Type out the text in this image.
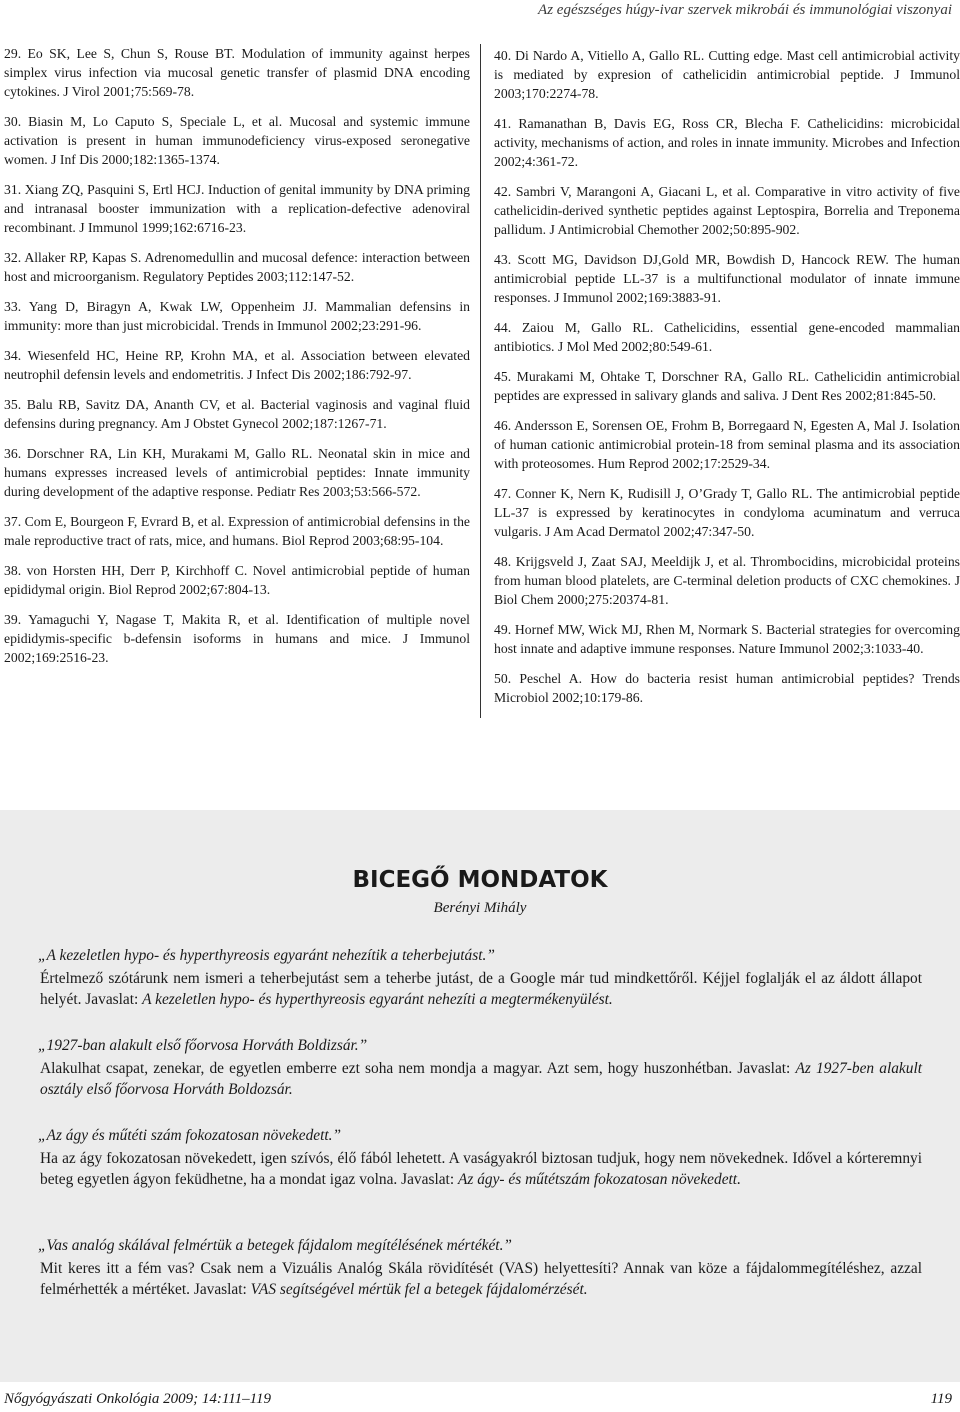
Az egészséges húgy-ivar szervek mikrobái és immunológiai viszonyai

29. Eo SK, Lee S, Chun S, Rouse BT. Modulation of immunity against herpes simplex virus infection via mucosal genetic transfer of plasmid DNA encoding cytokines. J Virol 2001;75:569-78.

30. Biasin M, Lo Caputo S, Speciale L, et al. Mucosal and systemic immune activation is present in human immunodeficiency virus-exposed seronegative women. J Inf Dis 2000;182:1365-1374.

31. Xiang ZQ, Pasquini S, Ertl HCJ. Induction of genital immunity by DNA priming and intranasal booster immunization with a replication-defective adenoviral recombinant. J Immunol 1999;162:6716-23.

32. Allaker RP, Kapas S. Adrenomedullin and mucosal defence: interaction between host and microorganism. Regulatory Peptides 2003;112:147-52.

33. Yang D, Biragyn A, Kwak LW, Oppenheim JJ. Mammalian defensins in immunity: more than just microbicidal. Trends in Immunol 2002;23:291-96.

34. Wiesenfeld HC, Heine RP, Krohn MA, et al. Association between elevated neutrophil defensin levels and endometritis. J Infect Dis 2002;186:792-97.

35. Balu RB, Savitz DA, Ananth CV, et al. Bacterial vaginosis and vaginal fluid defensins during pregnancy. Am J Obstet Gynecol 2002;187:1267-71.

36. Dorschner RA, Lin KH, Murakami M, Gallo RL. Neonatal skin in mice and humans expresses increased levels of antimicrobial peptides: Innate immunity during development of the adaptive response. Pediatr Res 2003;53:566-572.

37. Com E, Bourgeon F, Evrard B, et al. Expression of antimicrobial defensins in the male reproductive tract of rats, mice, and humans. Biol Reprod 2003;68:95-104.

38. von Horsten HH, Derr P, Kirchhoff C. Novel antimicrobial peptide of human epididymal origin. Biol Reprod 2002;67:804-13.

39. Yamaguchi Y, Nagase T, Makita R, et al. Identification of multiple novel epididymis-specific b-defensin isoforms in humans and mice. J Immunol 2002;169:2516-23.

40. Di Nardo A, Vitiello A, Gallo RL. Cutting edge. Mast cell antimicrobial activity is mediated by expresion of cathelicidin antimicrobial peptide. J Immunol 2003;170:2274-78.

41. Ramanathan B, Davis EG, Ross CR, Blecha F. Cathelicidins: microbicidal activity, mechanisms of action, and roles in innate immunity. Microbes and Infection 2002;4:361-72.

42. Sambri V, Marangoni A, Giacani L, et al. Comparative in vitro activity of five cathelicidin-derived synthetic peptides against Leptospira, Borrelia and Treponema pallidum. J Antimicrobial Chemother 2002;50:895-902.

43. Scott MG, Davidson DJ,Gold MR, Bowdish D, Hancock REW. The human antimicrobial peptide LL-37 is a multifunctional modulator of innate immune responses. J Immunol 2002;169:3883-91.

44. Zaiou M, Gallo RL. Cathelicidins, essential gene-encoded mammalian antibiotics. J Mol Med 2002;80:549-61.

45. Murakami M, Ohtake T, Dorschner RA, Gallo RL. Cathelicidin antimicrobial peptides are expressed in salivary glands and saliva. J Dent Res 2002;81:845-50.

46. Andersson E, Sorensen OE, Frohm B, Borregaard N, Egesten A, Mal J. Isolation of human cationic antimicrobial protein-18 from seminal plasma and its association with proteosomes. Hum Reprod 2002;17:2529-34.

47. Conner K, Nern K, Rudisill J, O’Grady T, Gallo RL. The antimicrobial peptide LL-37 is expressed by keratinocytes in condyloma acuminatum and verruca vulgaris. J Am Acad Dermatol 2002;47:347-50.

48. Krijgsveld J, Zaat SAJ, Meeldijk J, et al. Thrombocidins, microbicidal proteins from human blood platelets, are C-terminal deletion products of CXC chemokines. J Biol Chem 2000;275:20374-81.

49. Hornef MW, Wick MJ, Rhen M, Normark S. Bacterial strategies for overcoming host innate and adaptive immune responses. Nature Immunol 2002;3:1033-40.

50. Peschel A. How do bacteria resist human antimicrobial peptides? Trends Microbiol 2002;10:179-86.

BICEGŐ MONDATOK
Berényi Mihály

„A kezeletlen hypo- és hyperthyreosis egyaránt nehezítik a teherbejutást.”

Értelmező szótárunk nem ismeri a teherbejutást sem a teherbe jutást, de a Google már tud mindkettőről. Kéjjel foglalják el az áldott állapot helyét. Javaslat: A kezeletlen hypo- és hyperthyreosis egyaránt nehezíti a megtermékenyülést.

„1927-ban alakult első főorvosa Horváth Boldizsár.”

Alakulhat csapat, zenekar, de egyetlen emberre ezt soha nem mondja a magyar. Azt sem, hogy huszonhétban. Javaslat: Az 1927-ben alakult osztály első főorvosa Horváth Boldozsár.

„Az ágy és műtéti szám fokozatosan növekedett.”

Ha az ágy fokozatosan növekedett, igen szívós, élő fából lehetett. A vaságyakról biztosan tudjuk, hogy nem növekednek. Idővel a kórteremnyi beteg egyetlen ágyon feküdhetne, ha a mondat igaz volna. Javaslat: Az ágy- és műtétszám fokozatosan növekedett.

„Vas analóg skálával felmértük a betegek fájdalom megítélésének mértékét.”

Mit keres itt a fém vas? Csak nem a Vizuális Analóg Skála rövidítését (VAS) helyettesíti? Annak van köze a fájdalommegítéléshez, azzal felmérhették a mértéket. Javaslat: VAS segítségével mértük fel a betegek fájdalomérzését.

Nőgyógyászati Onkológia 2009; 14:111–119	119
